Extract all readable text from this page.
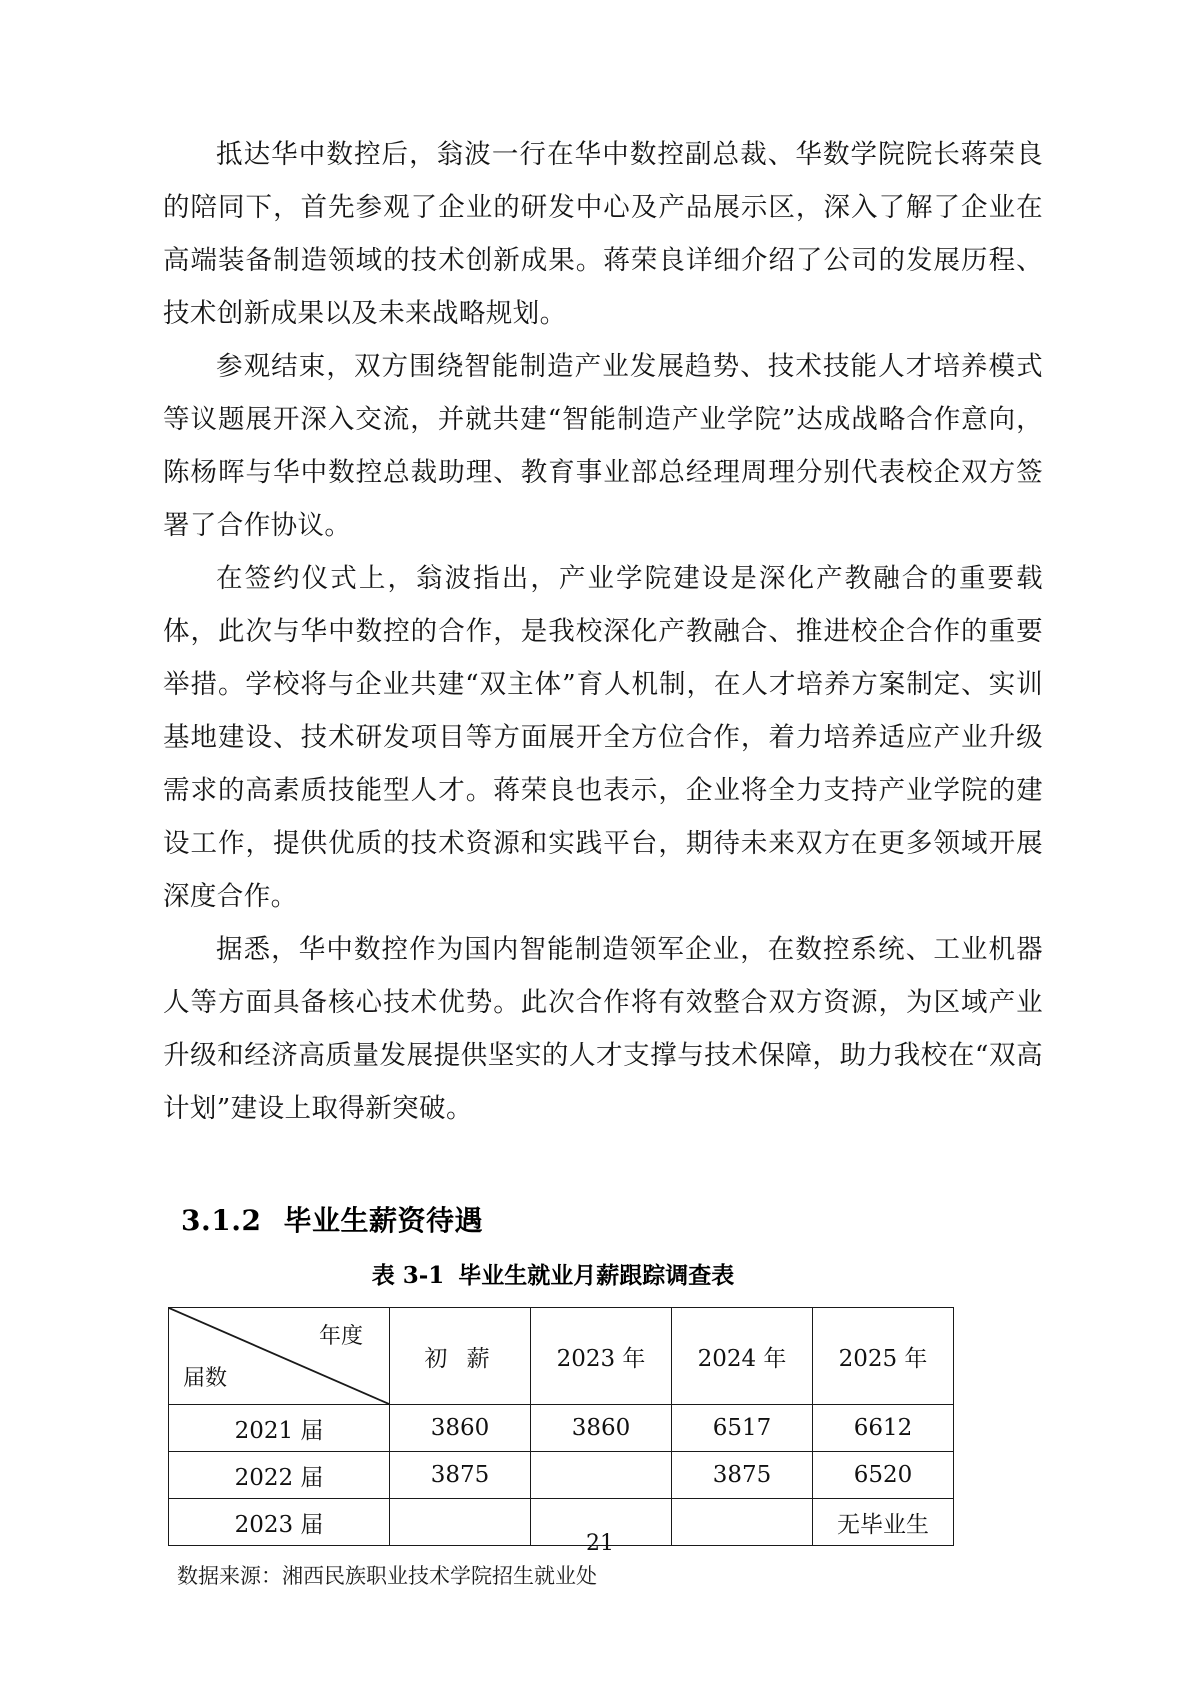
抵达华中数控后，翁波一行在华中数控副总裁、华数学院院长蒋荣良的陪同下，首先参观了企业的研发中心及产品展示区，深入了解了企业在高端装备制造领域的技术创新成果。蒋荣良详细介绍了公司的发展历程、技术创新成果以及未来战略规划。

参观结束，双方围绕智能制造产业发展趋势、技术技能人才培养模式等议题展开深入交流，并就共建“智能制造产业学院”达成战略合作意向，陈杨晖与华中数控总裁助理、教育事业部总经理周理分别代表校企双方签署了合作协议。

在签约仪式上，翁波指出，产业学院建设是深化产教融合的重要载体，此次与华中数控的合作，是我校深化产教融合、推进校企合作的重要举措。学校将与企业共建“双主体”育人机制，在人才培养方案制定、实训基地建设、技术研发项目等方面展开全方位合作，着力培养适应产业升级需求的高素质技能型人才。蒋荣良也表示，企业将全力支持产业学院的建设工作，提供优质的技术资源和实践平台，期待未来双方在更多领域开展深度合作。

据悉，华中数控作为国内智能制造领军企业，在数控系统、工业机器人等方面具备核心技术优势。此次合作将有效整合双方资源，为区域产业升级和经济高质量发展提供坚实的人才支撑与技术保障，助力我校在“双高计划”建设上取得新突破。

3.1.2 毕业生薪资待遇
表 3-1 毕业生就业月薪跟踪调查表
年度
届数	初 薪	2023 年	2024 年	2025 年
2021 届	3860	3860	6517	6612
2022 届	3875		3875	6520
2023 届				无毕业生
数据来源：湘西民族职业技术学院招生就业处
21
